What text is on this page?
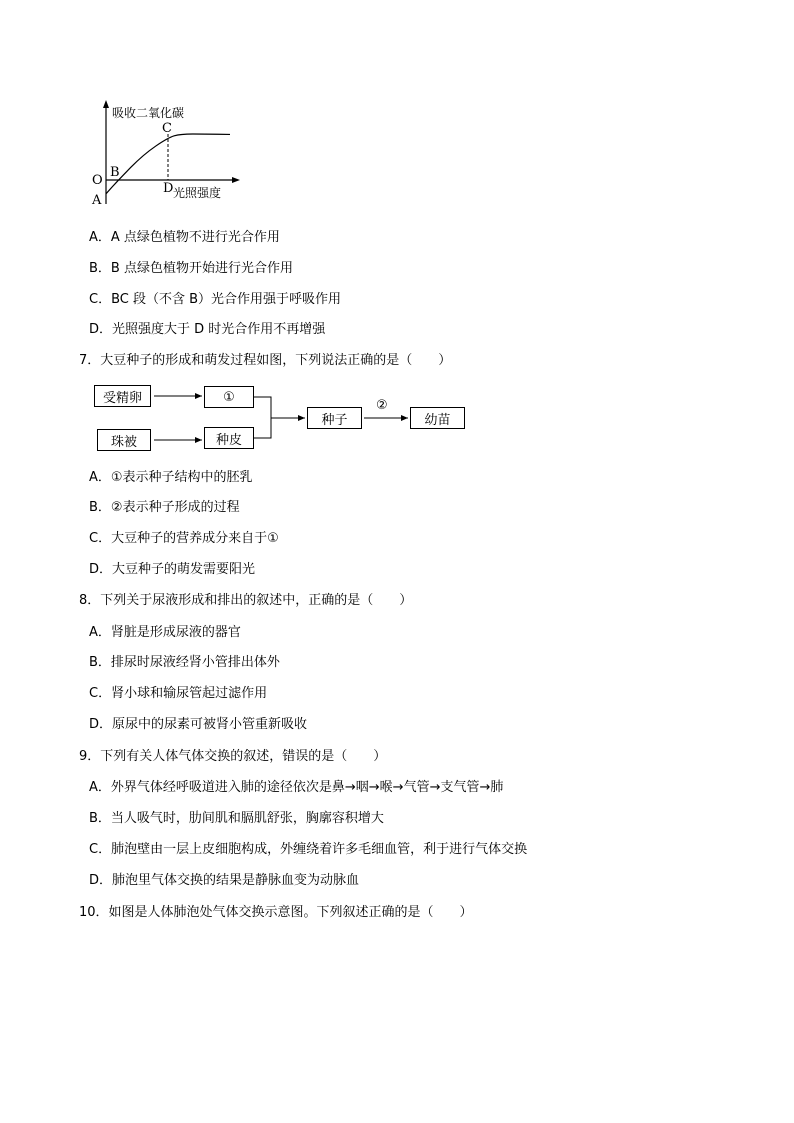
吸收二氧化碳
C
B
O
A
D 光照强度
A．A 点绿色植物不进行光合作用
B．B 点绿色植物开始进行光合作用
C．BC 段（不含 B）光合作用强于呼吸作用
D．光照强度大于 D 时光合作用不再增强
7．大豆种子的形成和萌发过程如图，下列说法正确的是（　　）
受精卵
珠被
①
种皮
种子	幼苗
②
A．①表示种子结构中的胚乳
B．②表示种子形成的过程
C．大豆种子的营养成分来自于①
D．大豆种子的萌发需要阳光
8．下列关于尿液形成和排出的叙述中，正确的是（　　）
A．肾脏是形成尿液的器官
B．排尿时尿液经肾小管排出体外
C．肾小球和输尿管起过滤作用
D．原尿中的尿素可被肾小管重新吸收
9．下列有关人体气体交换的叙述，错误的是（　　）
A．外界气体经呼吸道进入肺的途径依次是鼻→咽→喉→气管→支气管→肺
B．当人吸气时，肋间肌和膈肌舒张，胸廓容积增大
C．肺泡壁由一层上皮细胞构成，外缠绕着许多毛细血管，利于进行气体交换
D．肺泡里气体交换的结果是静脉血变为动脉血
10．如图是人体肺泡处气体交换示意图。下列叙述正确的是（　　）
